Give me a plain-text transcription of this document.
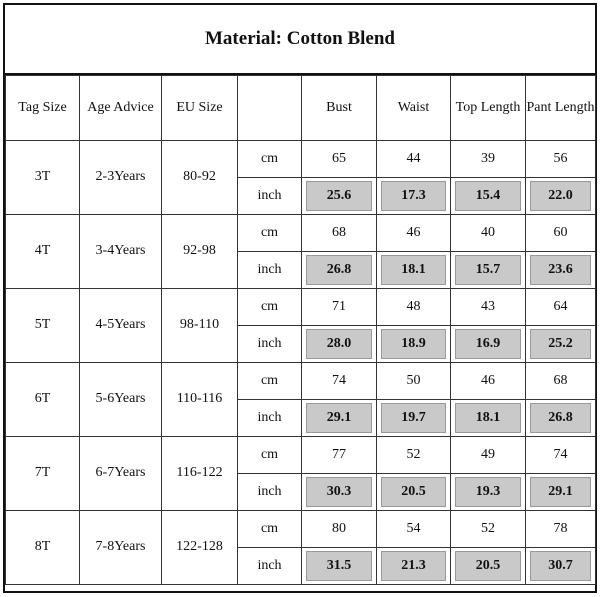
Material: Cotton Blend
Tag Size	Age Advice	EU Size		Bust	Waist	Top Length	Pant Length
3T	2-3Years	80-92	cm	65	44	39	56
			inch	25.6	17.3	15.4	22.0

4T	3-4Years	92-98	cm	68	46	40	60
			inch	26.8	18.1	15.7	23.6

5T	4-5Years	98-110	cm	71	48	43	64
			inch	28.0	18.9	16.9	25.2

6T	5-6Years	110-116	cm	74	50	46	68
			inch	29.1	19.7	18.1	26.8

7T	6-7Years	116-122	cm	77	52	49	74
			inch	30.3	20.5	19.3	29.1

8T	7-8Years	122-128	cm	80	54	52	78
			inch	31.5	21.3	20.5	30.7
